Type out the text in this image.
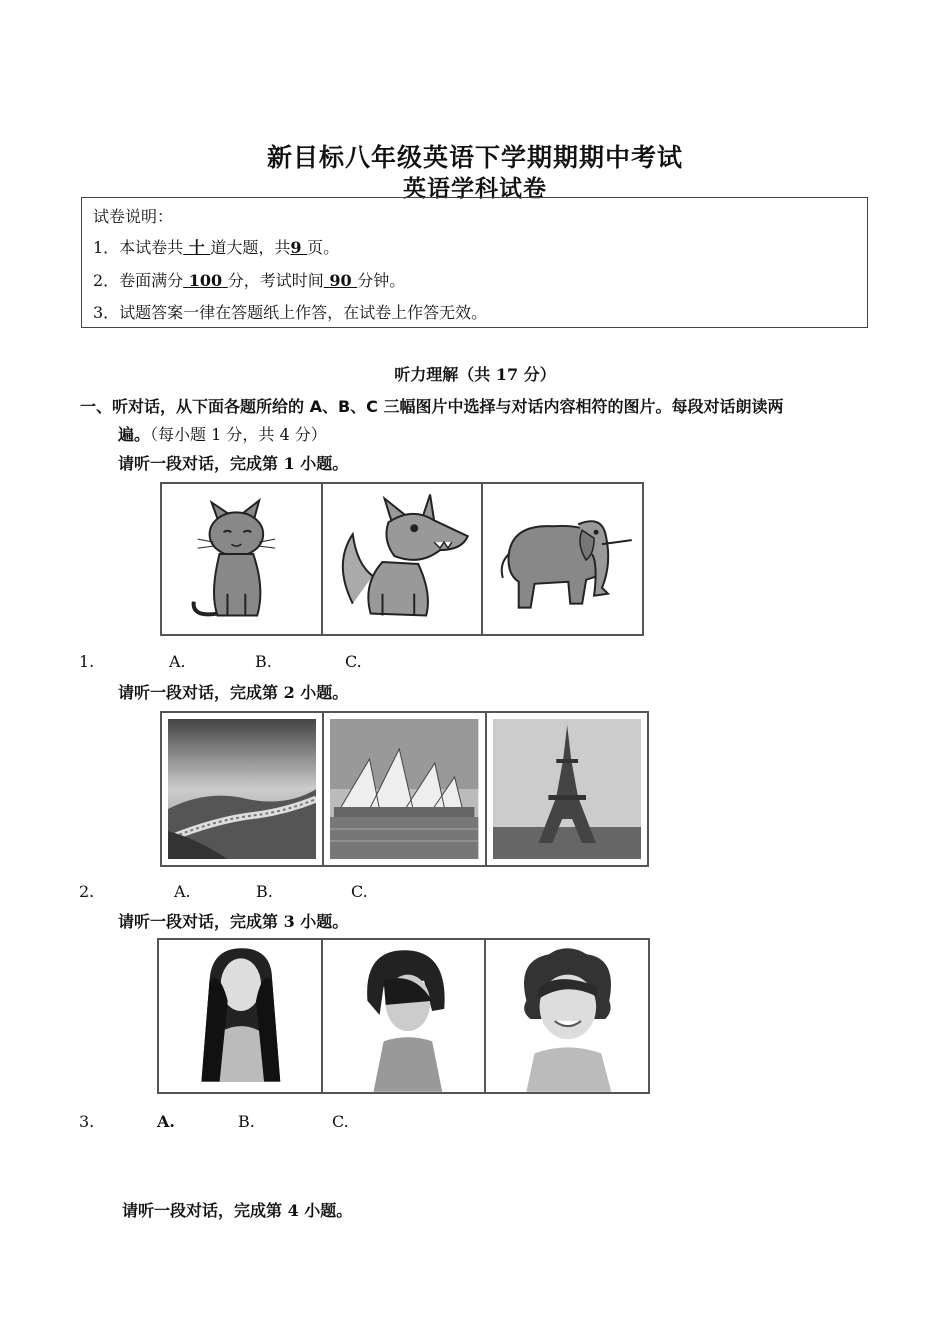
新目标八年级英语下学期期期中考试
英语学科试卷
试卷说明：
1．本试卷共 十 道大题，共9 页。
2．卷面满分 100 分，考试时间 90 分钟。
3．试题答案一律在答题纸上作答，在试卷上作答无效。
听力理解（共 17 分）
一、听对话，从下面各题所给的 A、B、C 三幅图片中选择与对话内容相符的图片。每段对话朗读两
遍。（每小题 1 分，共 4 分）
请听一段对话，完成第 1 小题。
1.	A.	B.	C.
请听一段对话，完成第 2 小题。
2.	A.	B.	C.
请听一段对话，完成第 3 小题。
3.	A.	B.	C.
请听一段对话，完成第 4 小题。
